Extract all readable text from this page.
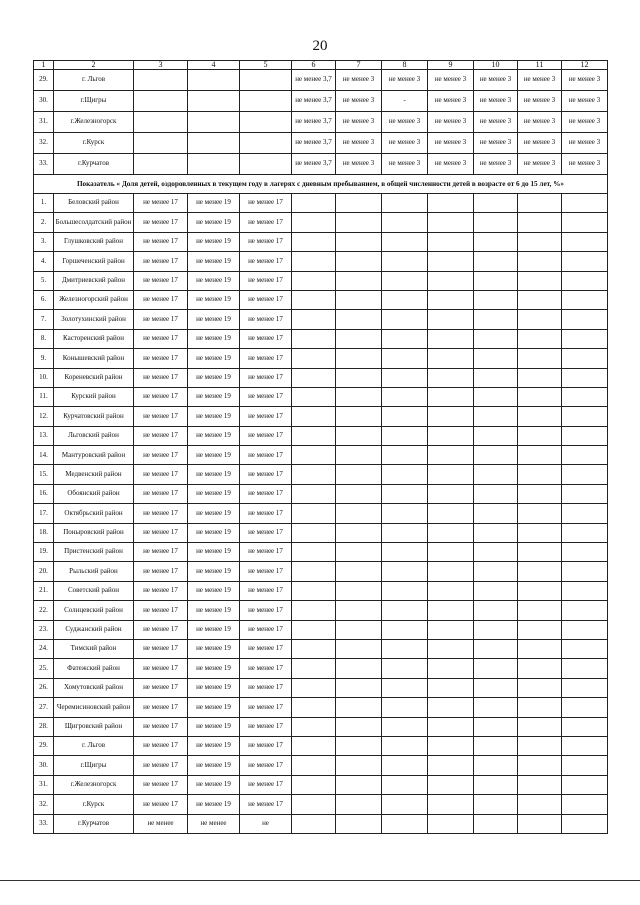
20
1	2	3	4	5	6	7	8	9	10	11	12
29.	г. Льгов				не менее 3,7	не менее 3	не менее 3	не менее 3	не менее 3	не менее 3	не менее 3
30.	г.Щигры				не менее 3,7	не менее 3	-	не менее 3	не менее 3	не менее 3	не менее 3
31.	г.Железногорск				не менее 3,7	не менее 3	не менее 3	не менее 3	не менее 3	не менее 3	не менее 3
32.	г.Курск				не менее 3,7	не менее 3	не менее 3	не менее 3	не менее 3	не менее 3	не менее 3
33.	г.Курчатов				не менее 3,7	не менее 3	не менее 3	не менее 3	не менее 3	не менее 3	не менее 3
Показатель « Доля детей, оздоровленных в текущем году в лагерях с дневным пребыванием, в общей численности детей в возрасте от 6 до 15 лет, %»											
1.	Беловский район	не менее 17	не менее 19	не менее 17							
2.	Большесолдатский район	не менее 17	не менее 19	не менее 17							
3.	Глушковский район	не менее 17	не менее 19	не менее 17							
4.	Горшеченский район	не менее 17	не менее 19	не менее 17							
5.	Дмитриевский район	не менее 17	не менее 19	не менее 17							
6.	Железногорский район	не менее 17	не менее 19	не менее 17							
7.	Золотухинский район	не менее 17	не менее 19	не менее 17							
8.	Касторенский район	не менее 17	не менее 19	не менее 17							
9.	Конышевский район	не менее 17	не менее 19	не менее 17							
10.	Кореневский район	не менее 17	не менее 19	не менее 17							
11.	Курский район	не менее 17	не менее 19	не менее 17							
12.	Курчатовский район	не менее 17	не менее 19	не менее 17							
13.	Льговский район	не менее 17	не менее 19	не менее 17							
14.	Мантуровский район	не менее 17	не менее 19	не менее 17							
15.	Медвенский район	не менее 17	не менее 19	не менее 17							
16.	Обоянский район	не менее 17	не менее 19	не менее 17							
17.	Октябрьский район	не менее 17	не менее 19	не менее 17							
18.	Поныровский район	не менее 17	не менее 19	не менее 17							
19.	Пристенский район	не менее 17	не менее 19	не менее 17							
20.	Рыльский район	не менее 17	не менее 19	не менее 17							
21.	Советский район	не менее 17	не менее 19	не менее 17							
22.	Солнцевский район	не менее 17	не менее 19	не менее 17							
23.	Суджанский район	не менее 17	не менее 19	не менее 17							
24.	Тимский район	не менее 17	не менее 19	не менее 17							
25.	Фатежский район	не менее 17	не менее 19	не менее 17							
26.	Хомутовский район	не менее 17	не менее 19	не менее 17							
27.	Черемисиновский район	не менее 17	не менее 19	не менее 17							
28.	Щигровский район	не менее 17	не менее 19	не менее 17							
29.	г. Льгов	не менее 17	не менее 19	не менее 17							
30.	г.Щигры	не менее 17	не менее 19	не менее 17							
31.	г.Железногорск	не менее 17	не менее 19	не менее 17							
32.	г.Курск	не менее 17	не менее 19	не менее 17							
33.	г.Курчатов	не менее	не менее	не							
